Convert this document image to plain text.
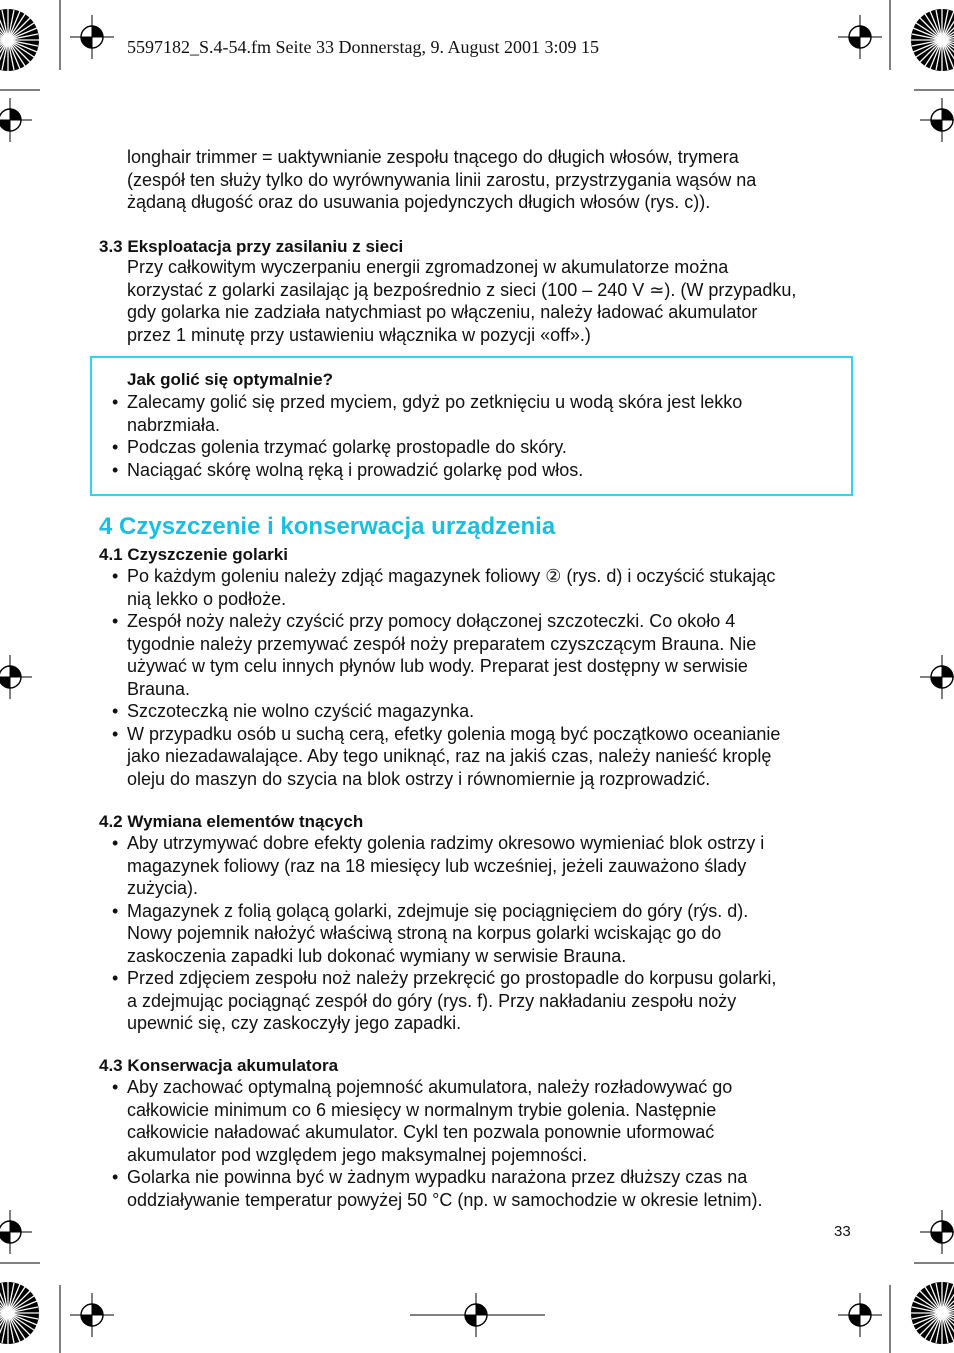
5597182_S.4-54.fm Seite 33 Donnerstag, 9. August 2001 3:09 15
longhair trimmer = uaktywnianie zespołu tnącego do długich włosów, trymera
(zespół ten służy tylko do wyrównywania linii zarostu, przystrzygania wąsów na
żądaną długość oraz do usuwania pojedynczych długich włosów (rys. c)).
3.3 Eksploatacja przy zasilaniu z sieci
Przy całkowitym wyczerpaniu energii zgromadzonej w akumulatorze można
korzystać z golarki zasilając ją bezpośrednio z sieci (100 – 240 V ≃). (W przypadku,
gdy golarka nie zadziała natychmiast po włączeniu, należy ładować akumulator
przez 1 minutę przy ustawieniu włącznika w pozycji «off».)
Jak golić się optymalnie?
• Zalecamy golić się przed myciem, gdyż po zetknięciu u wodą skóra jest lekko
nabrzmiała.
• Podczas golenia trzymać golarkę prostopadle do skóry.
• Naciągać skórę wolną ręką i prowadzić golarkę pod włos.
4 Czyszczenie i konserwacja urządzenia
4.1 Czyszczenie golarki
• Po każdym goleniu należy zdjąć magazynek foliowy ② (rys. d) i oczyścić stukając
nią lekko o podłoże.
• Zespół noży należy czyścić przy pomocy dołączonej szczoteczki. Co około 4
tygodnie należy przemywać zespół noży preparatem czyszczącym Brauna. Nie
używać w tym celu innych płynów lub wody. Preparat jest dostępny w serwisie
Brauna.
• Szczoteczką nie wolno czyścić magazynka.
• W przypadku osób u suchą cerą, efetky golenia mogą być początkowo oceanianie
jako niezadawalające. Aby tego uniknąć, raz na jakiś czas, należy nanieść kroplę
oleju do maszyn do szycia na blok ostrzy i równomiernie ją rozprowadzić.
4.2 Wymiana elementów tnących
• Aby utrzymywać dobre efekty golenia radzimy okresowo wymieniać blok ostrzy i
magazynek foliowy (raz na 18 miesięcy lub wcześniej, jeżeli zauważono ślady
zużycia).
• Magazynek z folią golącą golarki, zdejmuje się pociągnięciem do góry (rýs. d).
Nowy pojemnik nałożyć właściwą stroną na korpus golarki wciskając go do
zaskoczenia zapadki lub dokonać wymiany w serwisie Brauna.
• Przed zdjęciem zespołu noż należy przekręcić go prostopadle do korpusu golarki,
a zdejmując pociągnąć zespół do góry (rys. f). Przy nakładaniu zespołu noży
upewnić się, czy zaskoczyły jego zapadki.
4.3 Konserwacja akumulatora
• Aby zachować optymalną pojemność akumulatora, należy rozładowywać go
całkowicie minimum co 6 miesięcy w normalnym trybie golenia. Następnie
całkowicie naładować akumulator. Cykl ten pozwala ponownie uformować
akumulator pod względem jego maksymalnej pojemności.
• Golarka nie powinna być w żadnym wypadku narażona przez dłuższy czas na
oddziaływanie temperatur powyżej 50 °C (np. w samochodzie w okresie letnim).
33
